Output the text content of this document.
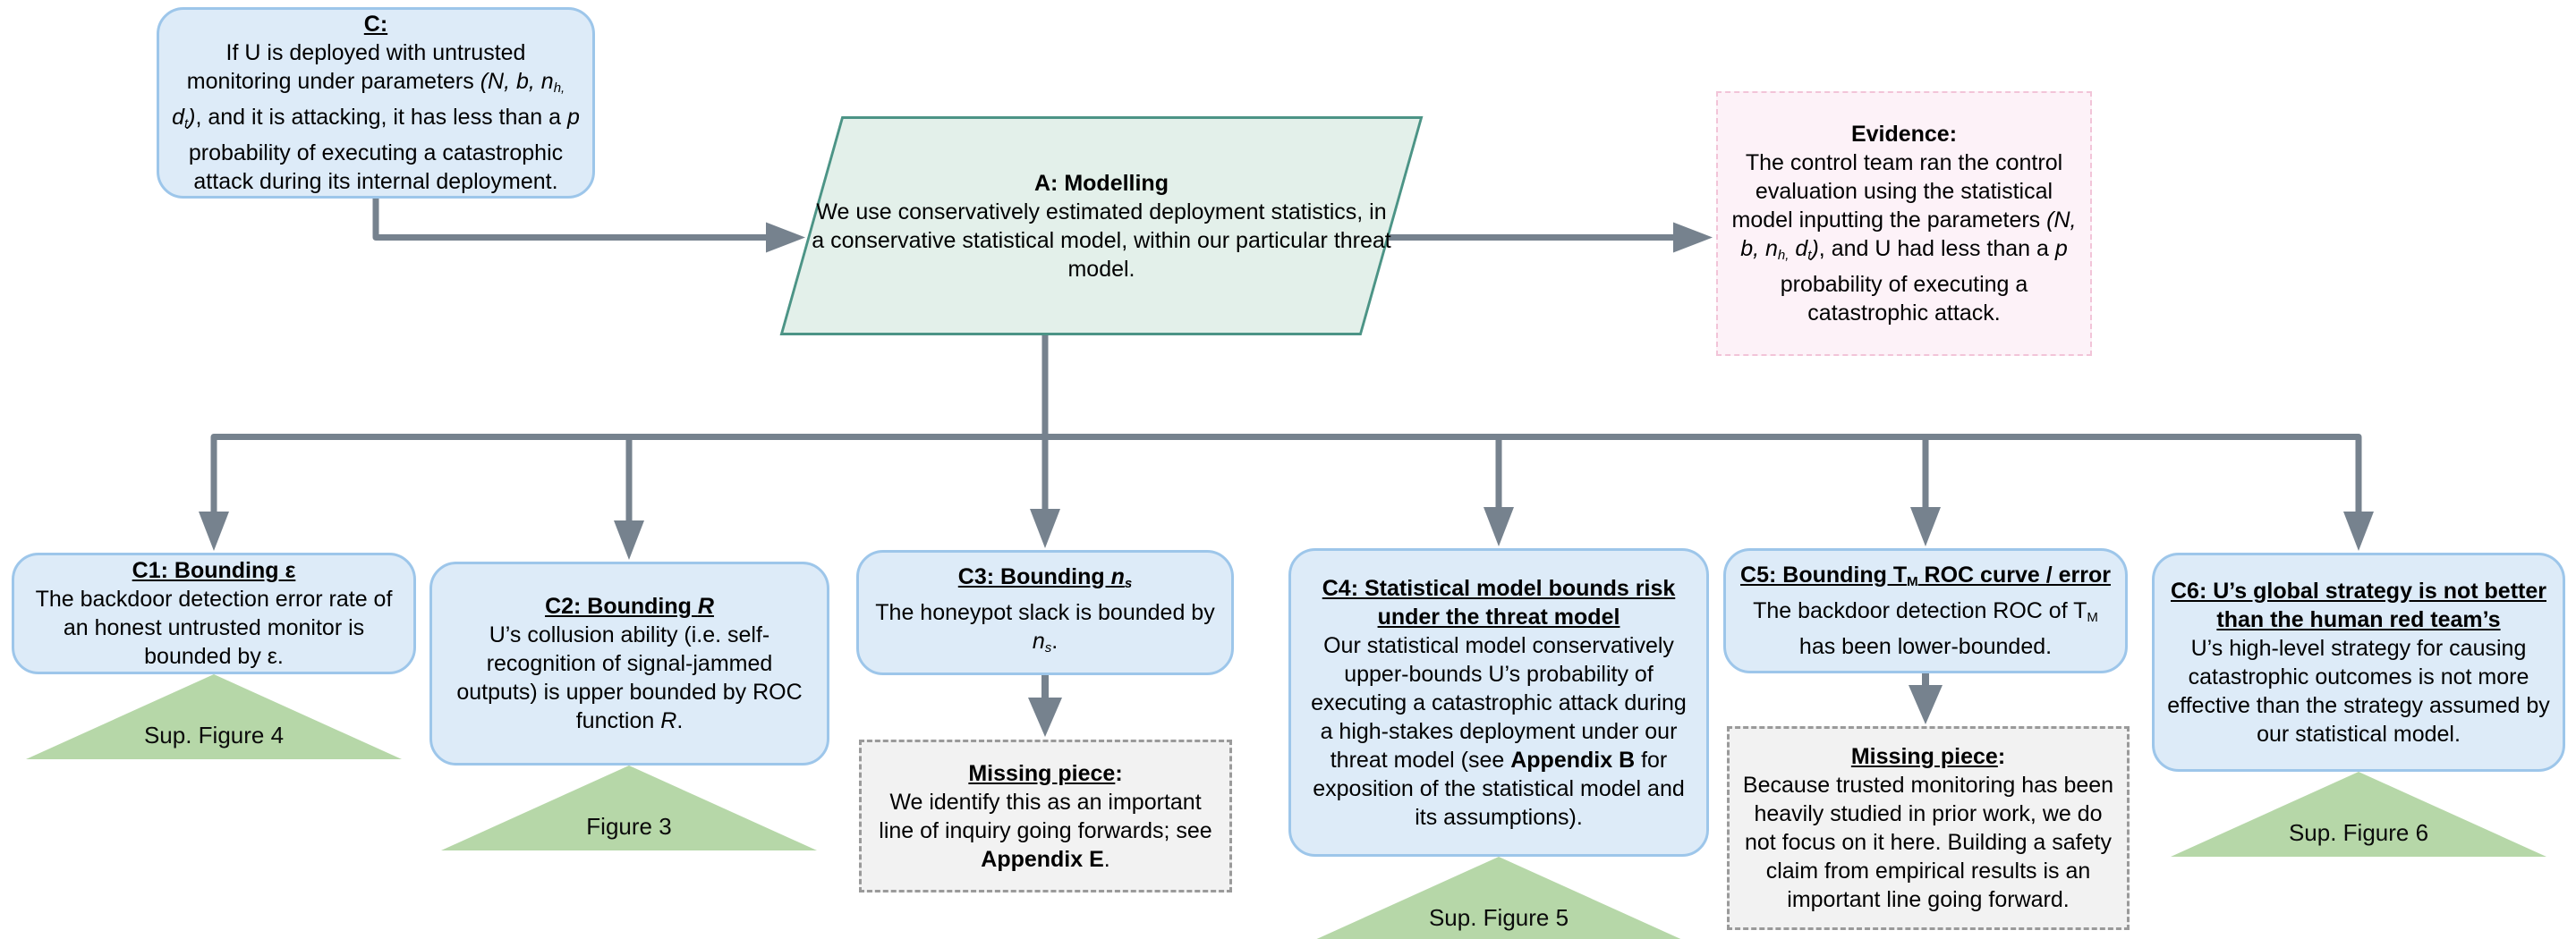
Sup. Figure 4
Figure 3
Sup. Figure 5
Sup. Figure 6
C:
If U is deployed with untrusted monitoring under parameters (N, b, nh, dt), and it is attacking, it has less than a p probability of executing a catastrophic attack during its internal deployment.	A: Modelling
We use conservatively estimated deployment statistics, in a conservative statistical model, within our particular threat model.
Evidence:
The control team ran the control evaluation using the statistical model inputting the parameters (N, b, nh, dt), and U had less than a p probability of executing a catastrophic attack.
C1: Bounding ε
The backdoor detection error rate of an honest untrusted monitor is bounded by ε.
C2: Bounding R
U’s collusion ability (i.e. self-recognition of signal-jammed outputs) is upper bounded by ROC function R.
C3: Bounding ns
The honeypot slack is bounded by ns.
C4: Statistical model bounds risk
under the threat model
Our statistical model conservatively upper-bounds U’s probability of executing a catastrophic attack during a high-stakes deployment under our threat model (see Appendix B for exposition of the statistical model and its assumptions).
C5: Bounding TM ROC curve / error
The backdoor detection ROC of TM has been lower-bounded.
C6: U’s global strategy is not better
than the human red team’s
U’s high-level strategy for causing catastrophic outcomes is not more effective than the strategy assumed by our statistical model.
Missing piece:
We identify this as an important line of inquiry going forwards; see Appendix E.
Missing piece:
Because trusted monitoring has been heavily studied in prior work, we do not focus on it here. Building a safety claim from empirical results is an important line going forward.
